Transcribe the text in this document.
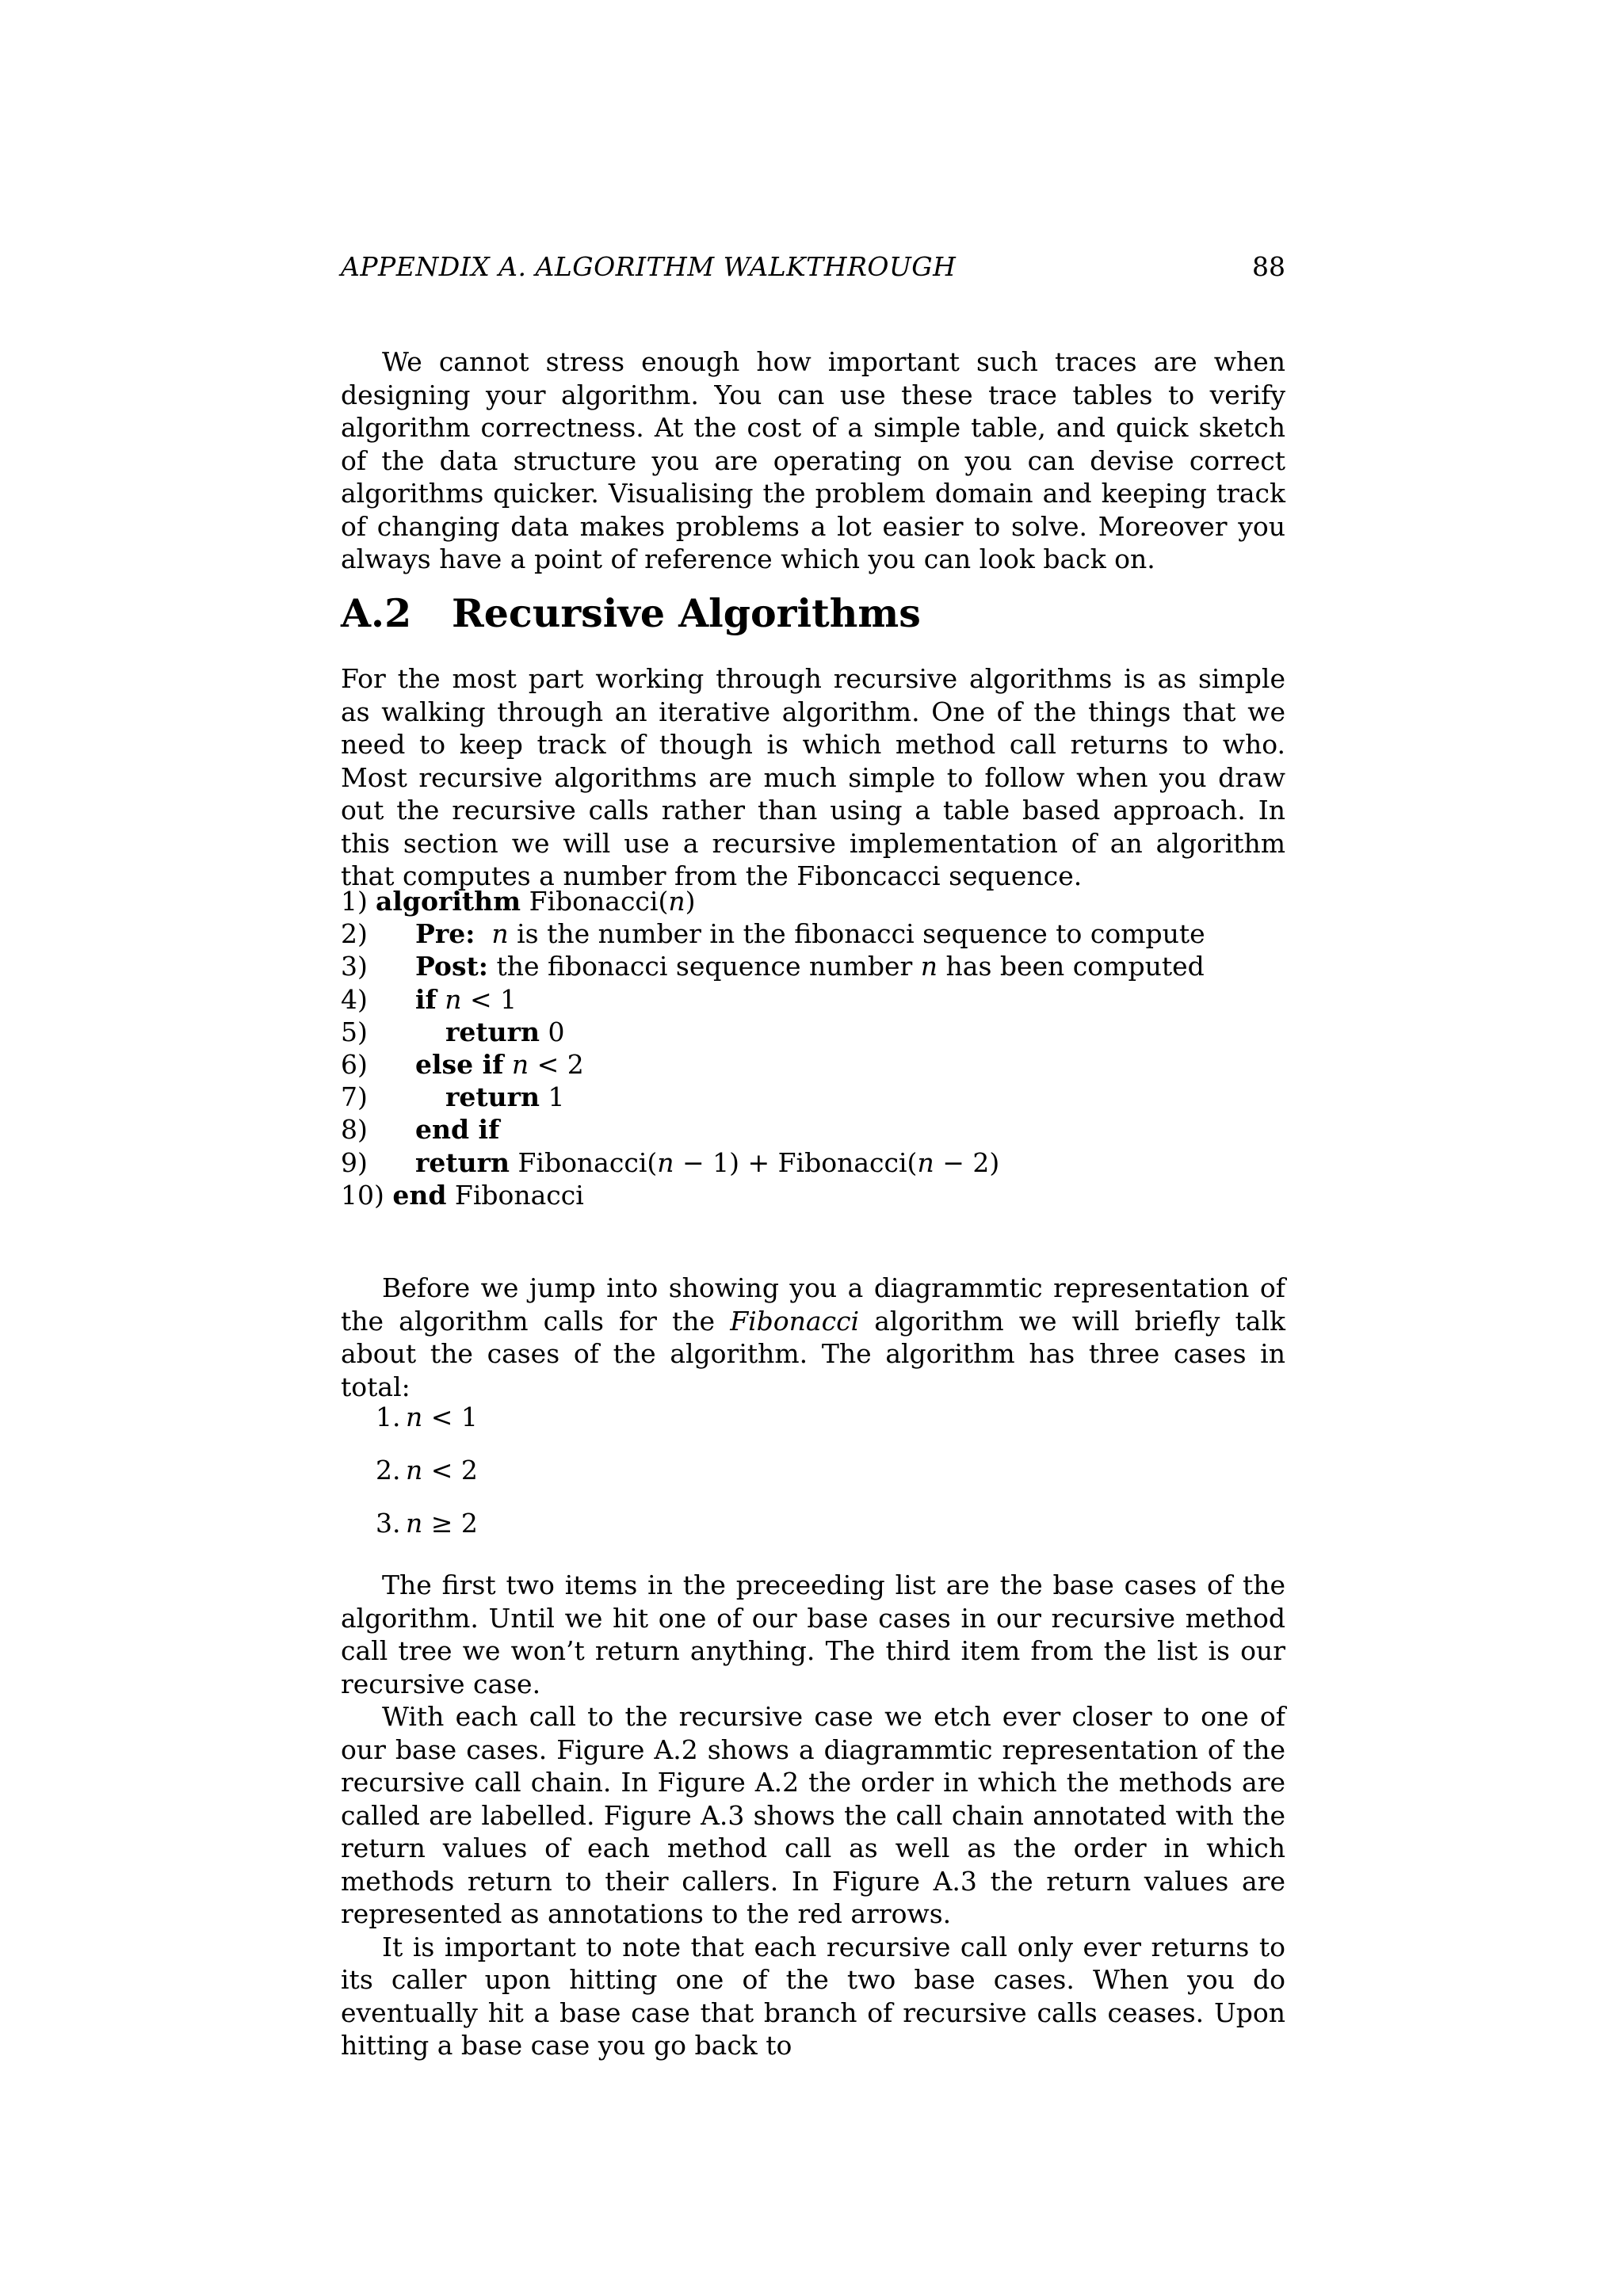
APPENDIX A. ALGORITHM WALKTHROUGH	88

We cannot stress enough how important such traces are when designing your algorithm. You can use these trace tables to verify algorithm correctness. At the cost of a simple table, and quick sketch of the data structure you are operating on you can devise correct algorithms quicker. Visualising the problem domain and keeping track of changing data makes problems a lot easier to solve. Moreover you always have a point of reference which you can look back on.

A.2 Recursive Algorithms

For the most part working through recursive algorithms is as simple as walking through an iterative algorithm. One of the things that we need to keep track of though is which method call returns to who. Most recursive algorithms are much simple to follow when you draw out the recursive calls rather than using a table based approach. In this section we will use a recursive implementation of an algorithm that computes a number from the Fiboncacci sequence.

1) algorithm Fibonacci(n)
2) Pre: n is the number in the fibonacci sequence to compute
3) Post: the fibonacci sequence number n has been computed
4) if n < 1
5)	return 0
6) else if n < 2
7)	return 1
8) end if
9) return Fibonacci(n − 1) + Fibonacci(n − 2)
10) end Fibonacci

Before we jump into showing you a diagrammtic representation of the algorithm calls for the Fibonacci algorithm we will briefly talk about the cases of the algorithm. The algorithm has three cases in total:

1. n < 1
2. n < 2
3. n ≥ 2

The first two items in the preceeding list are the base cases of the algorithm. Until we hit one of our base cases in our recursive method call tree we won’t return anything. The third item from the list is our recursive case.

With each call to the recursive case we etch ever closer to one of our base cases. Figure A.2 shows a diagrammtic representation of the recursive call chain. In Figure A.2 the order in which the methods are called are labelled. Figure A.3 shows the call chain annotated with the return values of each method call as well as the order in which methods return to their callers. In Figure A.3 the return values are represented as annotations to the red arrows.

It is important to note that each recursive call only ever returns to its caller upon hitting one of the two base cases. When you do eventually hit a base case that branch of recursive calls ceases. Upon hitting a base case you go back to
